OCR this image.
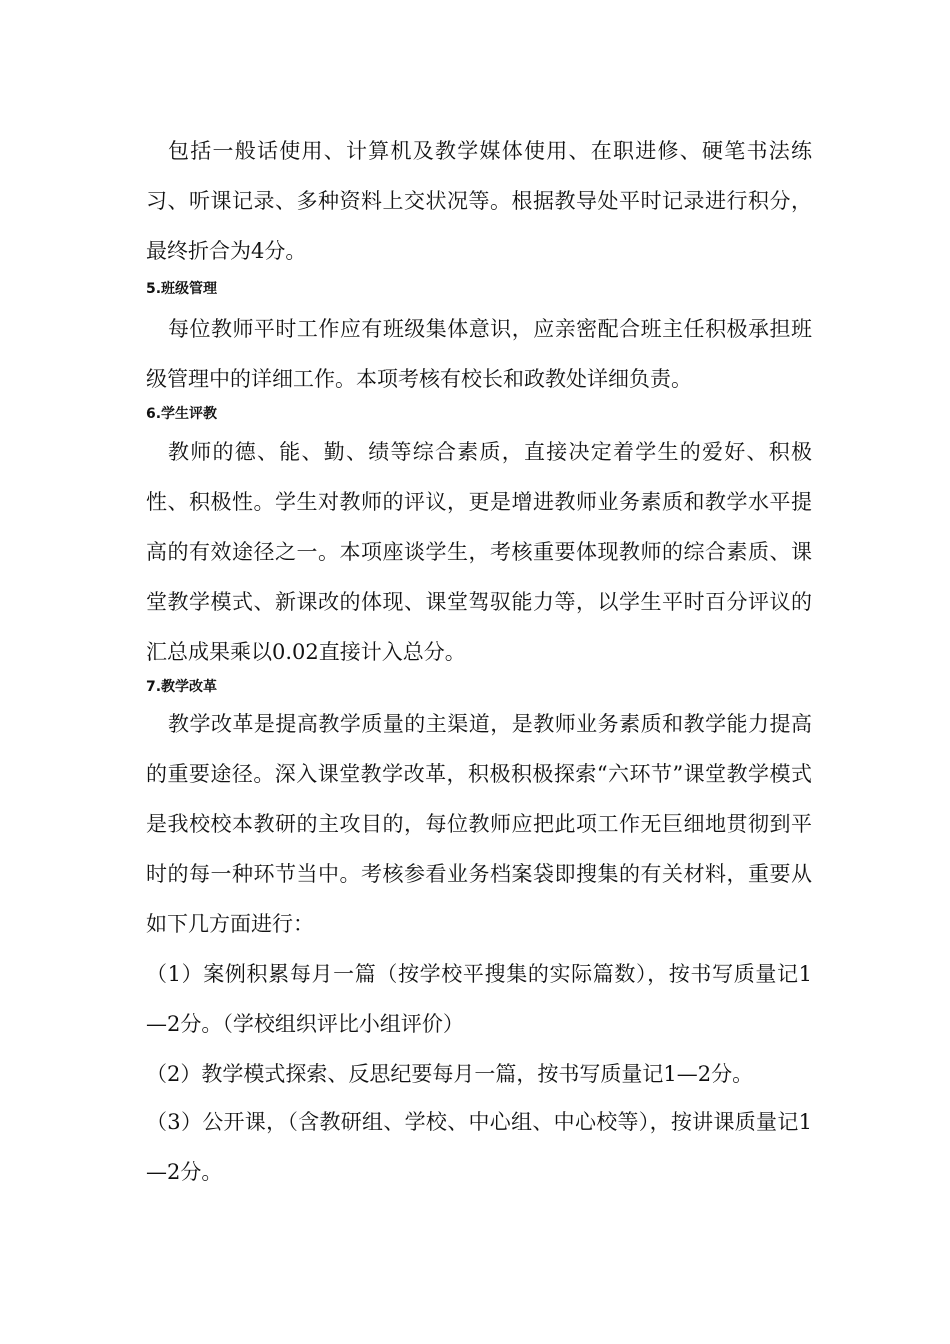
包括一般话使用、计算机及教学媒体使用、在职进修、硬笔书法练习、听课记录、多种资料上交状况等。根据教导处平时记录进行积分，最终折合为4分。

5.班级管理

每位教师平时工作应有班级集体意识，应亲密配合班主任积极承担班级管理中的详细工作。本项考核有校长和政教处详细负责。

6.学生评教

教师的德、能、勤、绩等综合素质，直接决定着学生的爱好、积极性、积极性。学生对教师的评议，更是增进教师业务素质和教学水平提高的有效途径之一。本项座谈学生，考核重要体现教师的综合素质、课堂教学模式、新课改的体现、课堂驾驭能力等，以学生平时百分评议的汇总成果乘以0.02直接计入总分。

7.教学改革

教学改革是提高教学质量的主渠道，是教师业务素质和教学能力提高的重要途径。深入课堂教学改革，积极积极探索“六环节”课堂教学模式是我校校本教研的主攻目的，每位教师应把此项工作无巨细地贯彻到平时的每一种环节当中。考核参看业务档案袋即搜集的有关材料，重要从如下几方面进行：

（1）案例积累每月一篇（按学校平搜集的实际篇数），按书写质量记1—2分。（学校组织评比小组评价）

（2）教学模式探索、反思纪要每月一篇，按书写质量记1—2分。

（3）公开课，（含教研组、学校、中心组、中心校等），按讲课质量记1—2分。
